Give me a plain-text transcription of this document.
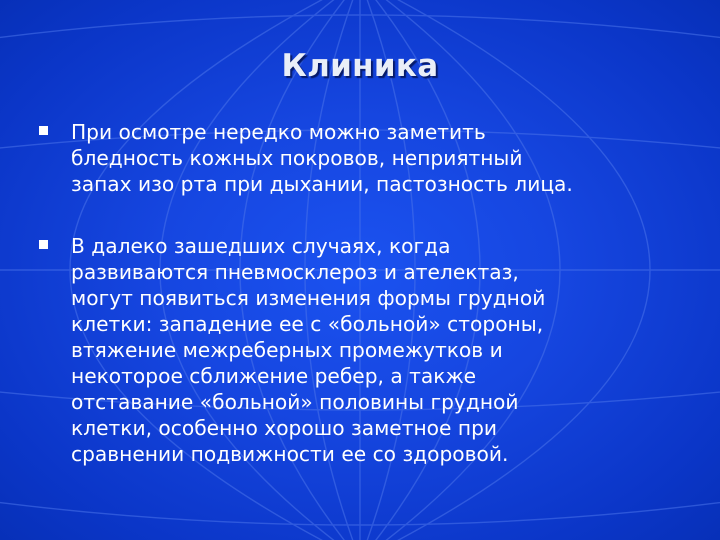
Клиника

При осмотре нередко можно заметить
бледность кожных покровов, неприятный
запах изо рта при дыхании, пастозность лица.

В далеко зашедших случаях, когда
развиваются пневмосклероз и ателектаз,
могут появиться изменения формы грудной
клетки: западение ее с «больной» стороны,
втяжение межреберных промежутков и
некоторое сближение ребер, а также
отставание «больной» половины грудной
клетки, особенно хорошо заметное при
сравнении подвижности ее со здоровой.
